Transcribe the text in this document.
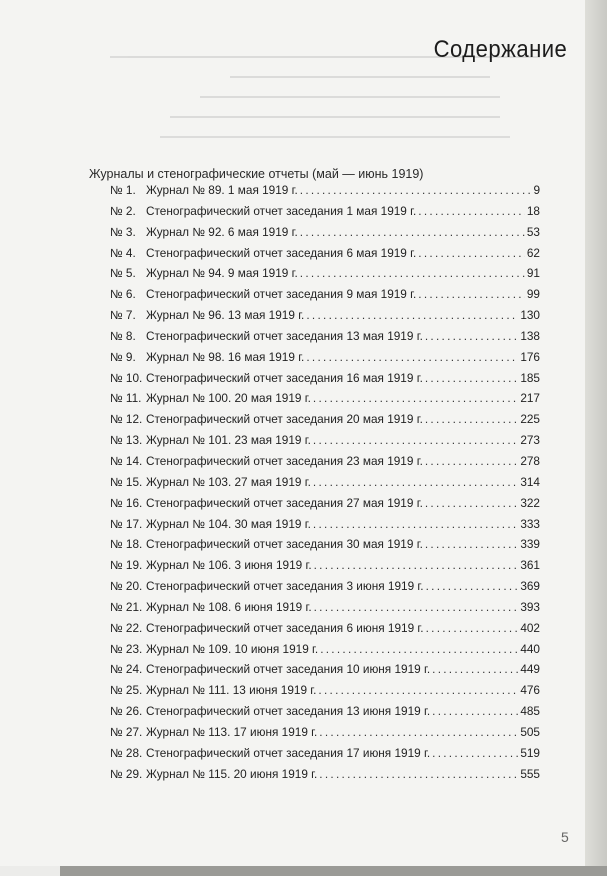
Содержание
Журналы и стенографические отчеты (май — июнь 1919)
№ 1. Журнал № 89. 1 мая 1919 г. . . .	9
№ 2. Стенографический отчет заседания 1 мая 1919 г. . . .	18
№ 3. Журнал № 92. 6 мая 1919 г. . . .	53
№ 4. Стенографический отчет заседания 6 мая 1919 г. . . .	62
№ 5. Журнал № 94. 9 мая 1919 г. . . .	91
№ 6. Стенографический отчет заседания 9 мая 1919 г. . . .	99
№ 7. Журнал № 96. 13 мая 1919 г. . . .	130
№ 8. Стенографический отчет заседания 13 мая 1919 г. . . .	138
№ 9. Журнал № 98. 16 мая 1919 г. . . .	176
№ 10. Стенографический отчет заседания 16 мая 1919 г. . . .	185
№ 11. Журнал № 100. 20 мая 1919 г. . . .	217
№ 12. Стенографический отчет заседания 20 мая 1919 г. . . .	225
№ 13. Журнал № 101. 23 мая 1919 г. . . .	273
№ 14. Стенографический отчет заседания 23 мая 1919 г. . . .	278
№ 15. Журнал № 103. 27 мая 1919 г. . . .	314
№ 16. Стенографический отчет заседания 27 мая 1919 г. . . .	322
№ 17. Журнал № 104. 30 мая 1919 г. . . .	333
№ 18. Стенографический отчет заседания 30 мая 1919 г. . . .	339
№ 19. Журнал № 106. 3 июня 1919 г. . . .	361
№ 20. Стенографический отчет заседания 3 июня 1919 г. . . .	369
№ 21. Журнал № 108. 6 июня 1919 г. . . .	393
№ 22. Стенографический отчет заседания 6 июня 1919 г. . . .	402
№ 23. Журнал № 109. 10 июня 1919 г. . . .	440
№ 24. Стенографический отчет заседания 10 июня 1919 г. . . .	449
№ 25. Журнал № 111. 13 июня 1919 г. . . .	476
№ 26. Стенографический отчет заседания 13 июня 1919 г. . . .	485
№ 27. Журнал № 113. 17 июня 1919 г. . . .	505
№ 28. Стенографический отчет заседания 17 июня 1919 г. . . .	519
№ 29. Журнал № 115. 20 июня 1919 г. . . .	555
5
